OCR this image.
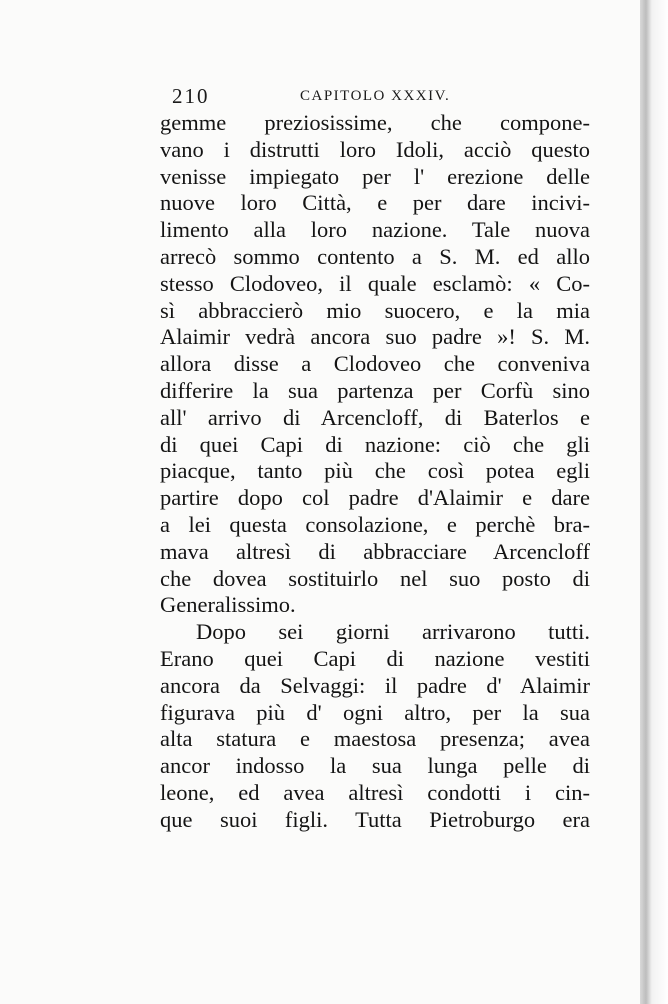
210	CAPITOLO XXXIV.
gemme preziosissime, che compone-
vano i distrutti loro Idoli, acciò questo
venisse impiegato per l' erezione delle
nuove loro Città, e per dare incivi-
limento alla loro nazione. Tale nuova
arrecò sommo contento a S. M. ed allo
stesso Clodoveo, il quale esclamò: « Co-
sì abbraccierò mio suocero, e la mia
Alaimir vedrà ancora suo padre »! S. M.
allora disse a Clodoveo che conveniva
differire la sua partenza per Corfù sino
all' arrivo di Arcencloff, di Baterlos e
di quei Capi di nazione: ciò che gli
piacque, tanto più che così potea egli
partire dopo col padre d'Alaimir e dare
a lei questa consolazione, e perchè bra-
mava altresì di abbracciare Arcencloff
che dovea sostituirlo nel suo posto di
Generalissimo.
Dopo sei giorni arrivarono tutti.
Erano quei Capi di nazione vestiti
ancora da Selvaggi: il padre d' Alaimir
figurava più d' ogni altro, per la sua
alta statura e maestosa presenza; avea
ancor indosso la sua lunga pelle di
leone, ed avea altresì condotti i cin-
que suoi figli. Tutta Pietroburgo era
